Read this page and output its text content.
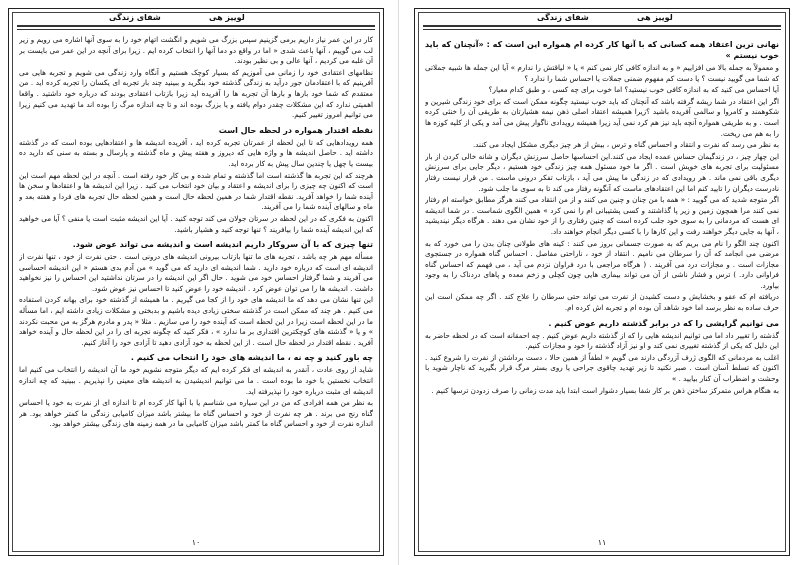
شفای زندگی	لوییز هی

کار در این عمر نیاز داریم برمی گزینیم سپس بزرگ می شویم و انگشت اتهام خود را به سوی آنها اشاره می رویم و زیر لب می گوییم ، آنها باعث شدی « اما در واقع دو دما آنها را انتخاب کرده ایم . زیرا برای آنچه در این عمر می بایست بر آن غلبه می کردیم ، آنها عالی و بی نظیر بودند.

نظامهای اعتقادی خود را زمانی می آموزیم که بسیار کوچک هستیم و آنگاه وارد زندگی می شویم و تجربه هایی می آفرینیم که با اعتقادمان جور درآید به زندگی گذشته خود بنگرید و ببینید چند بار تجربه ای یکسان را تجربه کرده اید . من معتقدم که شما خود بارها و بارها آن تجربه ها را آفریده اید زیرا بازتاب اعتقادی بودند که درباره خود داشتید . واقعا اهمیتی ندارد که این مشکلات چقدر دوام یافته و یا بزرگ بوده اند و تا چه اندازه مرگ زا بوده اند ما تهدید می کنیم زیرا می توانیم امروز تغییر کنیم.

نقطه اقتدار همواره در لحظه حال است

همه رویدادهایی که تا این لحظه از عمرتان تجربه کرده اید ، آفریده اندیشه ها و اعتقادهایی بوده است که در گذشته داشته اید . حاصل اندیشه ها و واژه هایی که دیروز و هفته پیش و ماه گذشته و پارسال و بسته به سنی که دارید ده بیست یا چهل یا چندین سال پیش به کار برده اید.

هرچند که این تجربه ها گذشته است اما گذشته و تمام شده و بی کار خود رفته است . آنچه در این لحظه مهم است این است که اکنون چه چیزی را برای اندیشه و اعتقاد و بیان خود انتخاب می کنید . زیرا این اندیشه ها و اعتقادها و سخن ها آینده شما را خواهد آفرید. نقطه اقتدار شما در همین لحظه حال است و همین لحظه حال تجربه های فردا و هفته بعد و ماه و سالهای آینده شما را می آفریند.

اکنون به فکری که در این لحظه در سرتان جولان می کند توجه کنید . آیا این اندیشه مثبت است یا منفی ؟ آیا می خواهید که این اندیشه آینده شما را بیافریند ؟ تنها توجه کنید و هشیار باشید.

تنها چیزی که با آن سروکار داریم اندیشه است و اندیشه می تواند عوض شود.

مسأله مهم هر چه باشد ، تجربه های ما تنها بازتاب بیرونی اندیشه های درونی است . حتی نفرت از خود ، تنها نفرت از اندیشه ای است که درباره خود دارید . شما اندیشه ای دارید که می گوید » من آدم بدی هستم « این اندیشه احساسی می آفریند و شما گرفتار احساس خود می شوید . حال اگر این اندیشه را در سرتان نداشتید این احساس را نیز نخواهید داشت . اندیشه ها را می توان عوض کرد . اندیشه خود را عوض کنید تا احساس نیز عوض شود.

این تنها نشان می دهد که ما اندیشه های خود را از کجا می گیریم . ما همیشه از گذشته خود برای بهانه کردن استفاده می کنیم . هر چند که ممکن است در گذشته سختی زیادی دیده باشیم و بدبختی و مشکلات زیادی داشته ایم ، اما مسأله ما در این لحظه است زیرا در این لحظه است که آینده خود را می سازیم . مثلا « پدر و مادرم هرگز به من محبت نکردند » و یا « گذشته های کوچکترین اقتداری بر ما ندارد » ، فکر کنید که چگونه تجربه ای را در این لحظه حال و آینده خواهد آفرید . نقطه اقتدار در لحظه حال است . از این لحظه به خود آزادی دهید تا آزادی خود را آغاز کنیم.

چه باور کنید و چه نه ، ما اندیشه های خود را انتخاب می کنیم .

شاید از روی عادت ، آنقدر به اندیشه ای فکر کرده ایم که دیگر متوجه نشویم خود ما آن اندیشه را انتخاب می کنیم اما انتخاب نخستین با خود ما بوده است . ما می توانیم اندیشیدن به اندیشه های معینی را نپذیریم . ببینید که چه اندازه اندیشه ای مثبت درباره خود را نپذیرفته اید.

به نظر من همه افرادی که من در این سیاره می شناسم یا با آنها کار کرده ام تا اندازه ای از نفرت به خود یا احساس گناه رنج می برند . هر چه نفرت از خود و احساس گناه ما بیشتر باشد میزان کامیابی زندگی ما کمتر خواهد بود. هر اندازه نفرت از خود و احساس گناه ما کمتر باشد میزان کامیابی ما در همه زمینه های زندگی بیشتر خواهد بود.

۱۰
شفای زندگی	لوییز هی
نهانی ترین اعتقاد همه کسانی که با آنها کار کرده ام همواره این است که : «آنچنان که باید خوب نیستم »

و معمولاً به جمله بالا می افزاییم « و به اندازه کافی کار نمی کنم » یا « لیاقتش را ندارم » آیا این جمله ها شبیه جملاتی که شما می گویید نیست ؟ یا دست کم مفهوم ضمنی جملات یا احساس شما را ندارد ؟

آیا احساس می کنید که به اندازه کافی خوب نیستید؟ اما خوب برای چه کسی ، و طبق کدام معیار؟

اگر این اعتقاد در شما ریشه گرفته باشد که آنچنان که باید خوب نیستید چگونه ممکن است که برای خود زندگی شیرین و شکوهمند و کامروا و سالمی آفریده باشید ؟زیرا همیشه اعتقاد اصلی ذهن نیمه هشیارتان به طریقی آن را خنثی کرده است . و به طریقی همواره آنچه باید نیز هم کرد نمی آید زیرا همیشه رویدادی ناگوار پیش می آمد و یکی از کلیه کوزه ها را به هم می ریخت.

به نظر می رسد که نفرت و انتقاد و احساس گناه و ترس ، بیش از هر چیز دیگری مشکل ایجاد می کنند.

این چهار چیز ، در زندگیمان حساس عمده ایجاد می کنند.این احساسها حاصل سرزنش دیگران و شانه خالی کردن از بار مسئولیت برای تجربه های خویش است . اگر ما خود مسئول همه چیز زندگی خود هستیم ، دیگر جایی برای سرزنش دیگری باقی نمی ماند . هر رویدادی که در زندگی ما پیش می آید ، بازتاب تفکر درونی ماست . من قرار نیست رفتار نادرست دیگران را تایید کنم اما این اعتقادهای ماست که آنگونه رفتار می کند تا به سوی ما جلب شود.

اگر متوجه شدید که می گویید : « همه با من چنان و چنین می کنند و از من انتقاد می کنند هرگز مطابق خواسته ام رفتار نمی کنند مرا همچون زمین و زیر پا گذاشتند و کسی پشتیبانی ام را نمی کرد » همین الگوی شماست . در شما اندیشه ای هست که مردمانی را به سوی خود جلب کرده است که چنین رفتاری را از خود نشان می دهند . هرگاه دیگر نیندیشید ، آنها به جایی دیگر خواهند رفت و این کارها را با کسی دیگر انجام خواهند داد.

اکنون چند الگو را نام می بریم که به صورت جسمانی بروز می کنند : کینه های طولانی چنان بدن را می خورد که به مرضی می انجامد که آن را سرطان می نامیم . انتقاد از خود ، ناراحتی مفاصل . احساس گناه همواره در جستجوی مجازات است . و مجازات درد می آفریند . ( هرگاه مراجعی با درد فراوان نزدم می آید ، می فهمم که احساس گناه فراوانی دارد. ) ترس و فشار ناشی از آن می تواند بیماری هایی چون کچلی و زخم معده و پاهای دردناک را به وجود بیاورد.

دریافته ام که عفو و بخشایش و دست کشیدن از نفرت می تواند حتی سرطان را علاج کند . اگر چه ممکن است این حرف ساده به نظر برسد اما خود شاهد آن بوده ام و تجربه اش کرده ام.

می توانیم گرایشی را که در برابر گذشته داریم عوض کنیم .

گذشته را تغییر داد اما می توانیم اندیشه هایی را که از گذشته داریم عوض کنیم . چه احمقانه است که در لحظه حاضر به این دلیل که یکی از گذشته تغییری نمی کند و او نیز آزاد گذشته را خود و مجازات کنیم.

اغلب به مردمانی که الگوی ژرف آزردگی دارند می گویم « لطفاً از همین حالا ، دست برداشتن از نفرت را شروع کنید . اکنون که تسلط آسان است . صبر نکنید تا زیر تهدید چاقوی جراحی یا روی بستر مرگ قرار بگیرید که ناچار شوید با وحشت و اضطراب آن کنار بیایید . »

به هنگام هراس متمرکز ساختن ذهن بر کار شفا بسیار دشوار است ابتدا باید مدت زمانی را صرف زدودن ترسها کنیم .

۱۱
